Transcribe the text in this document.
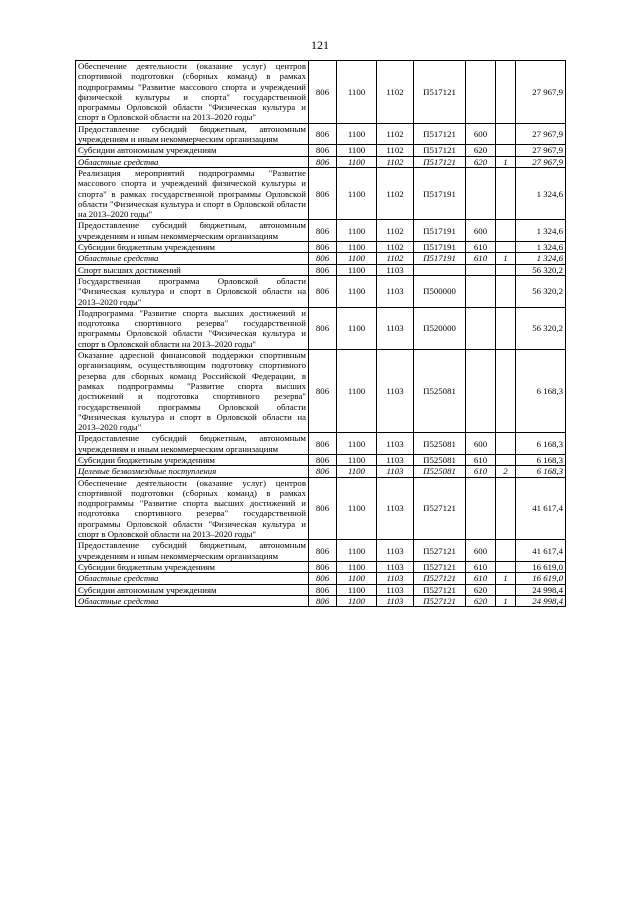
121
Обеспечение деятельности (оказание услуг) центров спортивной подготовки (сборных команд) в рамках подпрограммы "Развитие массового спорта и учреждений физической культуры и спорта" государственной программы Орловской области "Физическая культура и спорт в Орловской области на 2013–2020 годы"	806	1100	1102	П517121			27 967,9
Предоставление субсидий бюджетным, автономным учреждениям и иным некоммерческим организациям	806	1100	1102	П517121	600		27 967,9
Субсидии автономным учреждениям	806	1100	1102	П517121	620		27 967,9
Областные средства	806	1100	1102	П517121	620	1	27 967,9
Реализация мероприятий подпрограммы "Развитие массового спорта и учреждений физической культуры и спорта" в рамках государственной программы Орловской области "Физическая культура и спорт в Орловской области на 2013–2020 годы"	806	1100	1102	П517191			1 324,6
Предоставление субсидий бюджетным, автономным учреждениям и иным некоммерческим организациям	806	1100	1102	П517191	600		1 324,6
Субсидии бюджетным учреждениям	806	1100	1102	П517191	610		1 324,6
Областные средства	806	1100	1102	П517191	610	1	1 324,6
Спорт высших достижений	806	1100	1103				56 320,2
Государственная программа Орловской области "Физическая культура и спорт в Орловской области на 2013–2020 годы"	806	1100	1103	П500000			56 320,2
Подпрограмма "Развитие спорта высших достижений и подготовка спортивного резерва" государственной программы Орловской области "Физическая культура и спорт в Орловской области на 2013–2020 годы"	806	1100	1103	П520000			56 320,2
Оказание адресной финансовой поддержки спортивным организациям, осуществляющим подготовку спортивного резерва для сборных команд Российской Федерации, в рамках подпрограммы "Развитие спорта высших достижений и подготовка спортивного резерва" государственной программы Орловской области "Физическая культура и спорт в Орловской области на 2013–2020 годы"	806	1100	1103	П525081			6 168,3
Предоставление субсидий бюджетным, автономным учреждениям и иным некоммерческим организациям	806	1100	1103	П525081	600		6 168,3
Субсидии бюджетным учреждениям	806	1100	1103	П525081	610		6 168,3
Целевые безвозмездные поступления	806	1100	1103	П525081	610	2	6 168,3
Обеспечение деятельности (оказание услуг) центров спортивной подготовки (сборных команд) в рамках подпрограммы "Развитие спорта высших достижений и подготовка спортивного резерва" государственной программы Орловской области "Физическая культура и спорт в Орловской области на 2013–2020 годы"	806	1100	1103	П527121			41 617,4
Предоставление субсидий бюджетным, автономным учреждениям и иным некоммерческим организациям	806	1100	1103	П527121	600		41 617,4
Субсидии бюджетным учреждениям	806	1100	1103	П527121	610		16 619,0
Областные средства	806	1100	1103	П527121	610	1	16 619,0
Субсидии автономным учреждениям	806	1100	1103	П527121	620		24 998,4
Областные средства	806	1100	1103	П527121	620	1	24 998,4
